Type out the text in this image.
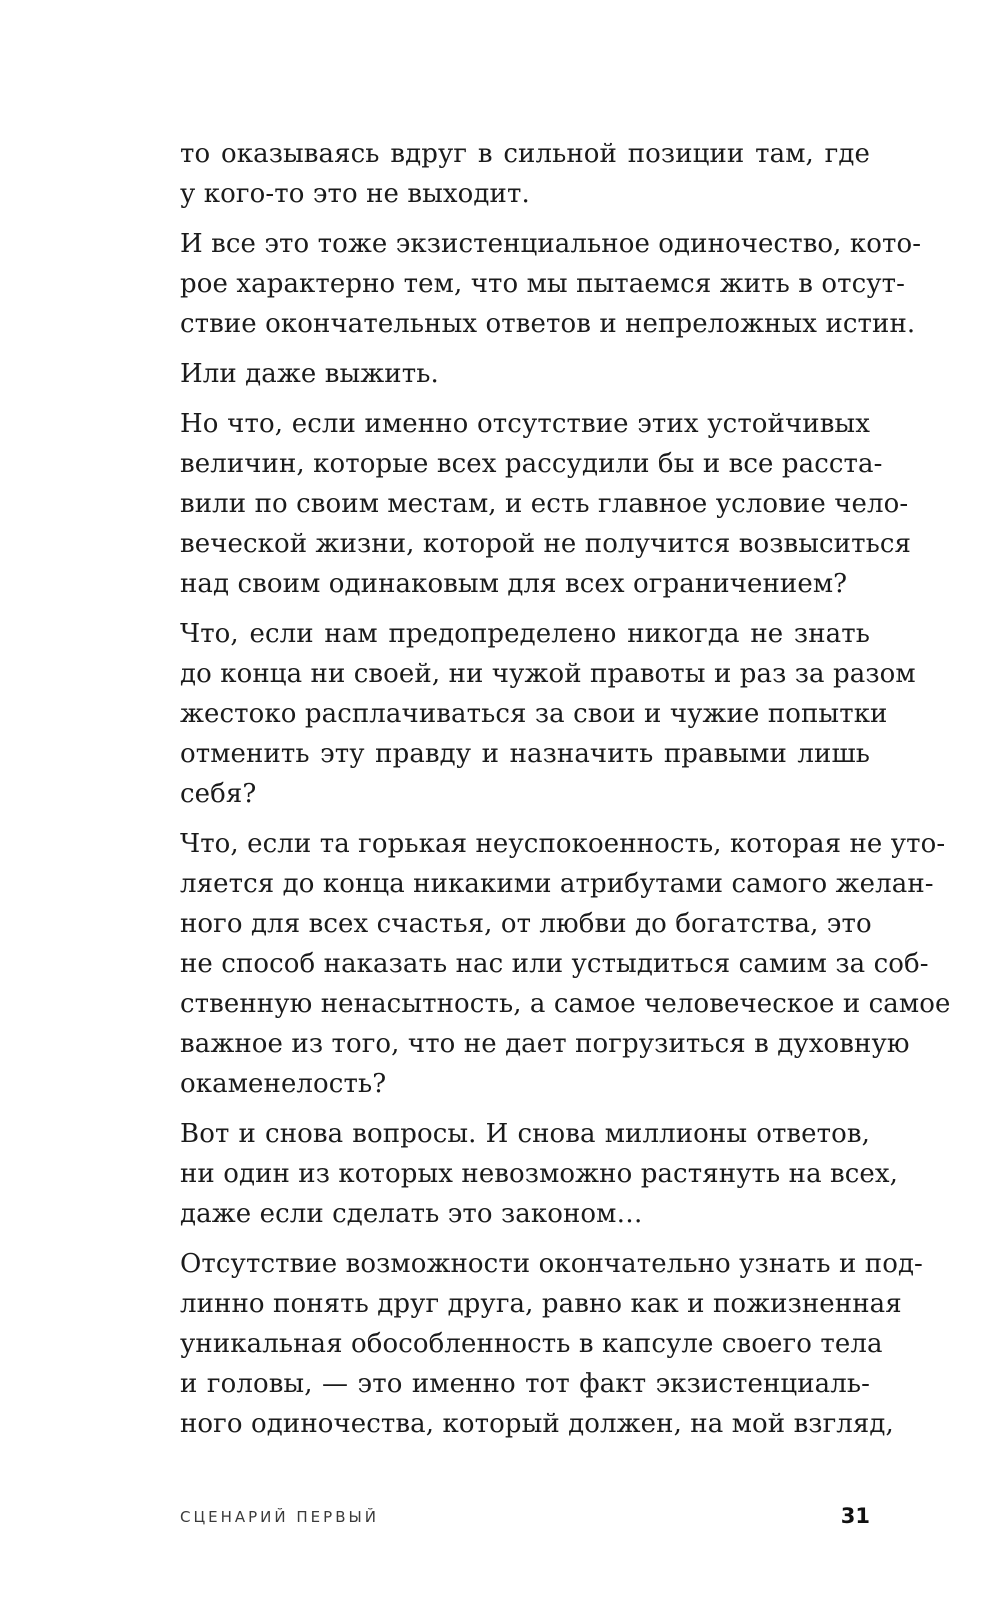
то оказываясь вдруг в сильной позиции там, где
у кого-то это не выходит.

И все это тоже экзистенциальное одиночество, кото-
рое характерно тем, что мы пытаемся жить в отсут-
ствие окончательных ответов и непреложных истин.

Или даже выжить.

Но что, если именно отсутствие этих устойчивых
величин, которые всех рассудили бы и все расста-
вили по своим местам, и есть главное условие чело-
веческой жизни, которой не получится возвыситься
над своим одинаковым для всех ограничением?

Что, если нам предопределено никогда не знать
до конца ни своей, ни чужой правоты и раз за разом
жестоко расплачиваться за свои и чужие попытки
отменить эту правду и назначить правыми лишь
себя?

Что, если та горькая неуспокоенность, которая не уто-
ляется до конца никакими атрибутами самого желан-
ного для всех счастья, от любви до богатства, это
не способ наказать нас или устыдиться самим за соб-
ственную ненасытность, а самое человеческое и самое
важное из того, что не дает погрузиться в духовную
окаменелость?

Вот и снова вопросы. И снова миллионы ответов,
ни один из которых невозможно растянуть на всех,
даже если сделать это законом…

Отсутствие возможности окончательно узнать и под-
линно понять друг друга, равно как и пожизненная
уникальная обособленность в капсуле своего тела
и головы, — это именно тот факт экзистенциаль-
ного одиночества, который должен, на мой взгляд,

СЦЕНАРИЙ ПЕРВЫЙ	31
